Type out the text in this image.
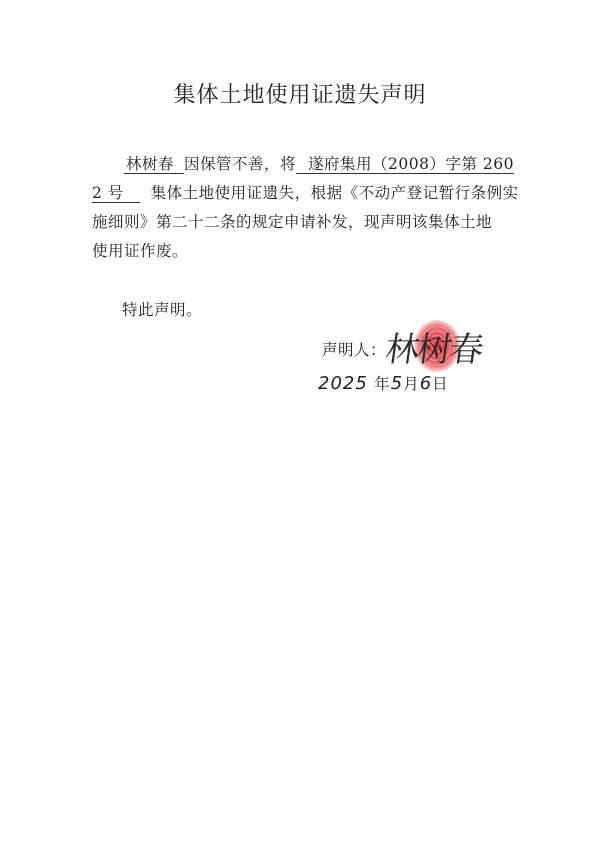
集体土地使用证遗失声明
林树春 因保管不善，将 遂府集用（2008）字第 260
2 号 集体土地使用证遗失，根据《不动产登记暂行条例实
施细则》第二十二条的规定申请补发，现声明该集体土地
使用证作废。
特此声明。
声明人：
林树春
2025 年5月6日
